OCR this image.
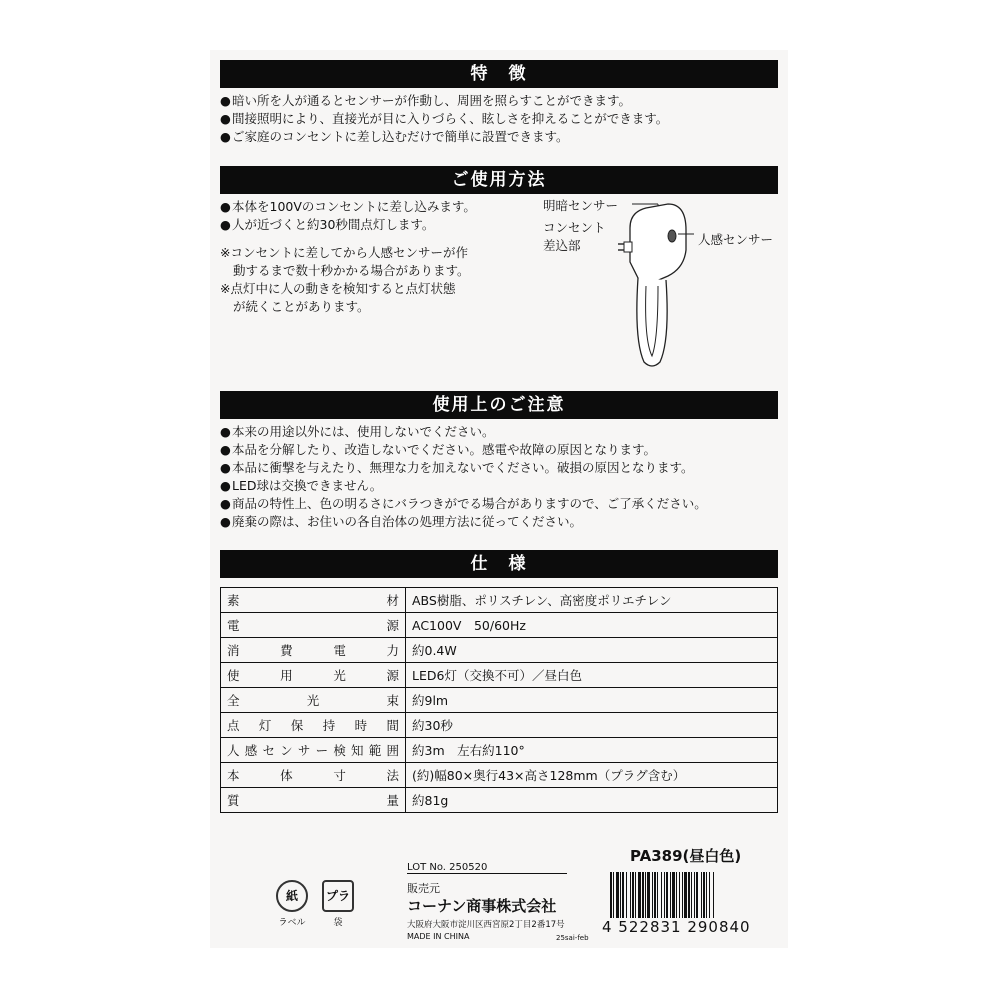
特　徴
●暗い所を人が通るとセンサーが作動し、周囲を照らすことができます。
●間接照明により、直接光が目に入りづらく、眩しさを抑えることができます。
●ご家庭のコンセントに差し込むだけで簡単に設置できます。
ご使用方法
●本体を100Vのコンセントに差し込みます。
●人が近づくと約30秒間点灯します。
※コンセントに差してから人感センサーが作
動するまで数十秒かかる場合があります。
※点灯中に人の動きを検知すると点灯状態
が続くことがあります。
明暗センサー
コンセント
差込部	人感センサー
使用上のご注意
●本来の用途以外には、使用しないでください。
●本品を分解したり、改造しないでください。感電や故障の原因となります。
●本品に衝撃を与えたり、無理な力を加えないでください。破損の原因となります。
●LED球は交換できません。
●商品の特性上、色の明るさにバラつきがでる場合がありますので、ご了承ください。
●廃棄の際は、お住いの各自治体の処理方法に従ってください。
仕　様
素材	ABS樹脂、ポリスチレン、高密度ポリエチレン
電源	AC100V　50/60Hz
消費電力	約0.4W
使用光源	LED6灯（交換不可）／昼白色
全光束	約9lm
点灯保持時間	約30秒
人感センサー検知範囲	約3m　左右約110°
本体寸法	(約)幅80×奥行43×高さ128mm（プラグ含む）
質量	約81g
紙
ラベル
プラ
袋
LOT No. 250520
PA389(昼白色)
販売元
コーナン商事株式会社
大阪府大阪市淀川区西宮原2丁目2番17号
MADE IN CHINA	25sai-feb
4 522831 290840
